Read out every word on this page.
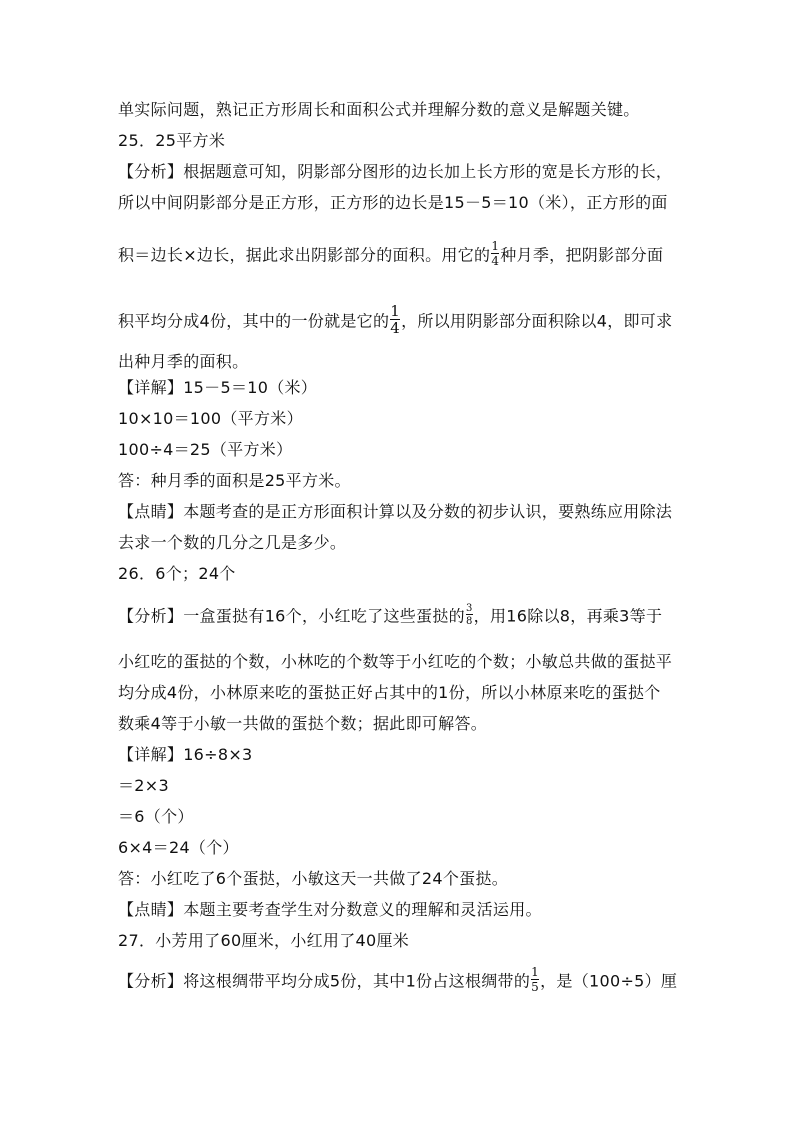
单实际问题，熟记正方形周长和面积公式并理解分数的意义是解题关键。
25．25平方米
【分析】根据题意可知，阴影部分图形的边长加上长方形的宽是长方形的长，
所以中间阴影部分是正方形，正方形的边长是15－5＝10（米），正方形的面
积＝边长×边长，据此求出阴影部分的面积。用它的 $\frac{1}{4}$ 种月季，把阴影部分面
积平均分成4份，其中的一份就是它的 $\frac{1}{4}$ ，所以用阴影部分面积除以4，即可求
出种月季的面积。
【详解】15－5＝10（米）
10×10＝100（平方米）
100÷4＝25（平方米）
答：种月季的面积是25平方米。
【点睛】本题考查的是正方形面积计算以及分数的初步认识，要熟练应用除法
去求一个数的几分之几是多少。
26．6个；24个
【分析】一盒蛋挞有16个，小红吃了这些蛋挞的 $\frac{3}{8}$ ，用16除以8，再乘3等于
小红吃的蛋挞的个数，小林吃的个数等于小红吃的个数；小敏总共做的蛋挞平
均分成4份，小林原来吃的蛋挞正好占其中的1份，所以小林原来吃的蛋挞个
数乘4等于小敏一共做的蛋挞个数；据此即可解答。
【详解】16÷8×3
＝2×3
＝6（个）
6×4＝24（个）
答：小红吃了6个蛋挞，小敏这天一共做了24个蛋挞。
【点睛】本题主要考查学生对分数意义的理解和灵活运用。
27．小芳用了60厘米，小红用了40厘米
【分析】将这根绸带平均分成5份，其中1份占这根绸带的 $\frac{1}{5}$ ，是（100÷5）厘
